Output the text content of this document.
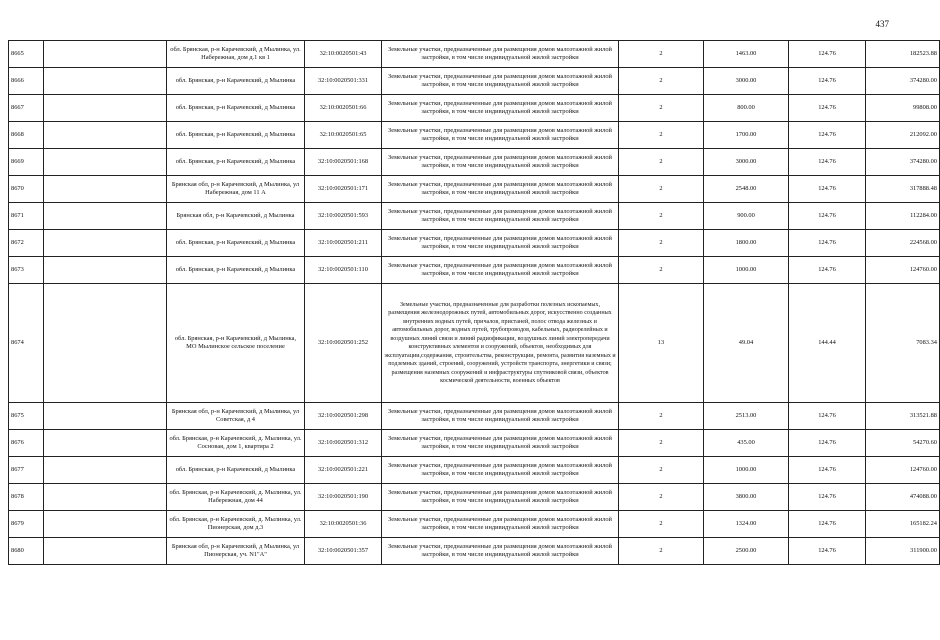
437
8665		обл. Брянская, р-н Карачевский, д Мылинка, ул. Набережная, дом д.1 кв 1	32:10:0020501:43	Земельные участки, предназначенные для размещения домов малоэтажной жилой застройки, в том числе индивидуальной жилой застройки	2	1463.00	124.76	182523.88
8666		обл. Брянская, р-н Карачевский, д Мылинка	32:10:0020501:331	Земельные участки, предназначенные для размещения домов малоэтажной жилой застройки, в том числе индивидуальной жилой застройки	2	3000.00	124.76	374280.00
8667		обл. Брянская, р-н Карачевский, д Мылинка	32:10:0020501:66	Земельные участки, предназначенные для размещения домов малоэтажной жилой застройки, в том числе индивидуальной жилой застройки	2	800.00	124.76	99808.00
8668		обл. Брянская, р-н Карачевский, д Мылинка	32:10:0020501:65	Земельные участки, предназначенные для размещения домов малоэтажной жилой застройки, в том числе индивидуальной жилой застройки	2	1700.00	124.76	212092.00
8669		обл. Брянская, р-н Карачевский, д Мылинка	32:10:0020501:168	Земельные участки, предназначенные для размещения домов малоэтажной жилой застройки, в том числе индивидуальной жилой застройки	2	3000.00	124.76	374280.00
8670		Брянская обл, р-н Карачевский, д Мылинка, ул Набережная, дом 11 А	32:10:0020501:171	Земельные участки, предназначенные для размещения домов малоэтажной жилой застройки, в том числе индивидуальной жилой застройки	2	2548.00	124.76	317888.48
8671		Брянская обл, р-н Карачевский, д Мылинка	32:10:0020501:593	Земельные участки, предназначенные для размещения домов малоэтажной жилой застройки, в том числе индивидуальной жилой застройки	2	900.00	124.76	112284.00
8672		обл. Брянская, р-н Карачевский, д Мылинка	32:10:0020501:211	Земельные участки, предназначенные для размещения домов малоэтажной жилой застройки, в том числе индивидуальной жилой застройки	2	1800.00	124.76	224568.00
8673		обл. Брянская, р-н Карачевский, д Мылинка	32:10:0020501:110	Земельные участки, предназначенные для размещения домов малоэтажной жилой застройки, в том числе индивидуальной жилой застройки	2	1000.00	124.76	124760.00
8674		обл. Брянская, р-н Карачевский, д Мылинка, МО Мылинское сельское поселение	32:10:0020501:252	Земельные участки, предназначенные для разработки полезных ископаемых, размещения железнодорожных путей, автомобильных дорог, искусственно созданных внутренних водных путей, причалов, пристаней, полос отвода железных и автомобильных дорог, водных путей, трубопроводов, кабельных, радиорелейных и воздушных линий связи и линий радиофикации, воздушных линий электропередачи конструктивных элементов и сооружений, объектов, необходимых для эксплуатации,содержания, строительства, реконструкции, ремонта, развития наземных и подземных зданий, строений, сооружений, устройств транспорта, энергетики и связи; размещения наземных сооружений и инфраструктуры спутниковой связи, объектов космической деятельности, военных объектов	13	49.04	144.44	7083.34
8675		Брянская обл, р-н Карачевский, д Мылинка, ул Советская, д 4	32:10:0020501:298	Земельные участки, предназначенные для размещения домов малоэтажной жилой застройки, в том числе индивидуальной жилой застройки	2	2513.00	124.76	313521.88
8676		обл. Брянская, р-н Карачевский, д. Мылинка, ул. Сосновая, дом 1, квартира 2	32:10:0020501:312	Земельные участки, предназначенные для размещения домов малоэтажной жилой застройки, в том числе индивидуальной жилой застройки	2	435.00	124.76	54270.60
8677		обл. Брянская, р-н Карачевский, д Мылинка	32:10:0020501:221	Земельные участки, предназначенные для размещения домов малоэтажной жилой застройки, в том числе индивидуальной жилой застройки	2	1000.00	124.76	124760.00
8678		обл. Брянская, р-н Карачевский, д. Мылинка, ул. Набережная, дом 44	32:10:0020501:190	Земельные участки, предназначенные для размещения домов малоэтажной жилой застройки, в том числе индивидуальной жилой застройки	2	3800.00	124.76	474088.00
8679		обл. Брянская, р-н Карачевский, д. Мылинка, ул. Пионерская, дом д.3	32:10:0020501:36	Земельные участки, предназначенные для размещения домов малоэтажной жилой застройки, в том числе индивидуальной жилой застройки	2	1324.00	124.76	165182.24
8680		Брянская обл, р-н Карачевский, д Мылинка, ул Пионерская, уч. N1"А"	32:10:0020501:357	Земельные участки, предназначенные для размещения домов малоэтажной жилой застройки, в том числе индивидуальной жилой застройки	2	2500.00	124.76	311900.00
